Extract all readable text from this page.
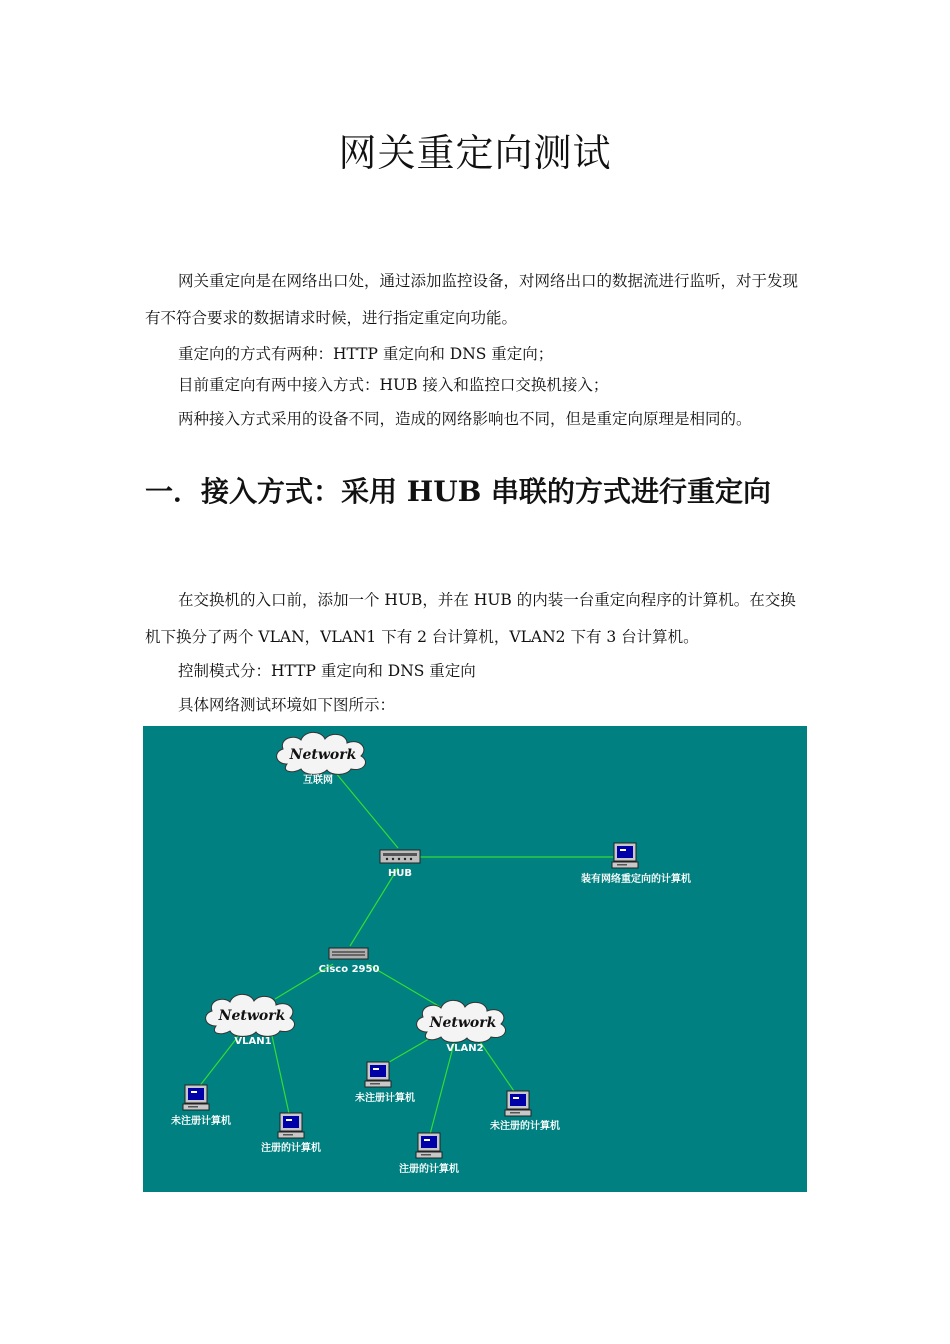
网关重定向测试

网关重定向是在网络出口处，通过添加监控设备，对网络出口的数据流进行监听，对于发现有不符合要求的数据请求时候，进行指定重定向功能。

重定向的方式有两种：HTTP 重定向和 DNS 重定向；

目前重定向有两中接入方式：HUB 接入和监控口交换机接入；

两种接入方式采用的设备不同，造成的网络影响也不同，但是重定向原理是相同的。

一．接入方式：采用 HUB 串联的方式进行重定向

在交换机的入口前，添加一个 HUB，并在 HUB 的内装一台重定向程序的计算机。在交换机下换分了两个 VLAN，VLAN1 下有 2 台计算机，VLAN2 下有 3 台计算机。

控制模式分：HTTP 重定向和 DNS 重定向

具体网络测试环境如下图所示：

Network
互联网
HUB
装有网络重定向的计算机
Cisco 2950
Network
VLAN1
Network
VLAN2
未注册计算机
注册的计算机
未注册计算机
注册的计算机
未注册的计算机
